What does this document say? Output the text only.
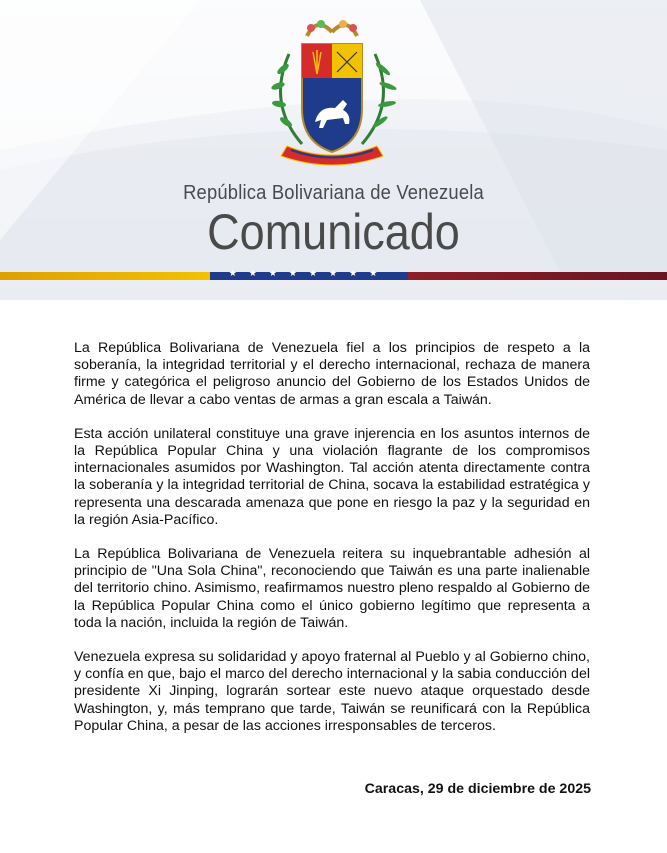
República Bolivariana de Venezuela
Comunicado
★★★★★★★★

La República Bolivariana de Venezuela fiel a los principios de respeto a la soberanía, la integridad territorial y el derecho internacional, rechaza de manera firme y categórica el peligroso anuncio del Gobierno de los Estados Unidos de América de llevar a cabo ventas de armas a gran escala a Taiwán.

Esta acción unilateral constituye una grave injerencia en los asuntos internos de la República Popular China y una violación flagrante de los compromisos internacionales asumidos por Washington. Tal acción atenta directamente contra la soberanía y la integridad territorial de China, socava la estabilidad estratégica y representa una descarada amenaza que pone en riesgo la paz y la seguridad en la región Asia-Pacífico.

La República Bolivariana de Venezuela reitera su inquebrantable adhesión al principio de "Una Sola China", reconociendo que Taiwán es una parte inalienable del territorio chino. Asimismo, reafirmamos nuestro pleno respaldo al Gobierno de la República Popular China como el único gobierno legítimo que representa a toda la nación, incluida la región de Taiwán.

Venezuela expresa su solidaridad y apoyo fraternal al Pueblo y al Gobierno chino, y confía en que, bajo el marco del derecho internacional y la sabia conducción del presidente Xi Jinping, lograrán sortear este nuevo ataque orquestado desde Washington, y, más temprano que tarde, Taiwán se reunificará con la República Popular China, a pesar de las acciones irresponsables de terceros.

Caracas, 29 de diciembre de 2025
